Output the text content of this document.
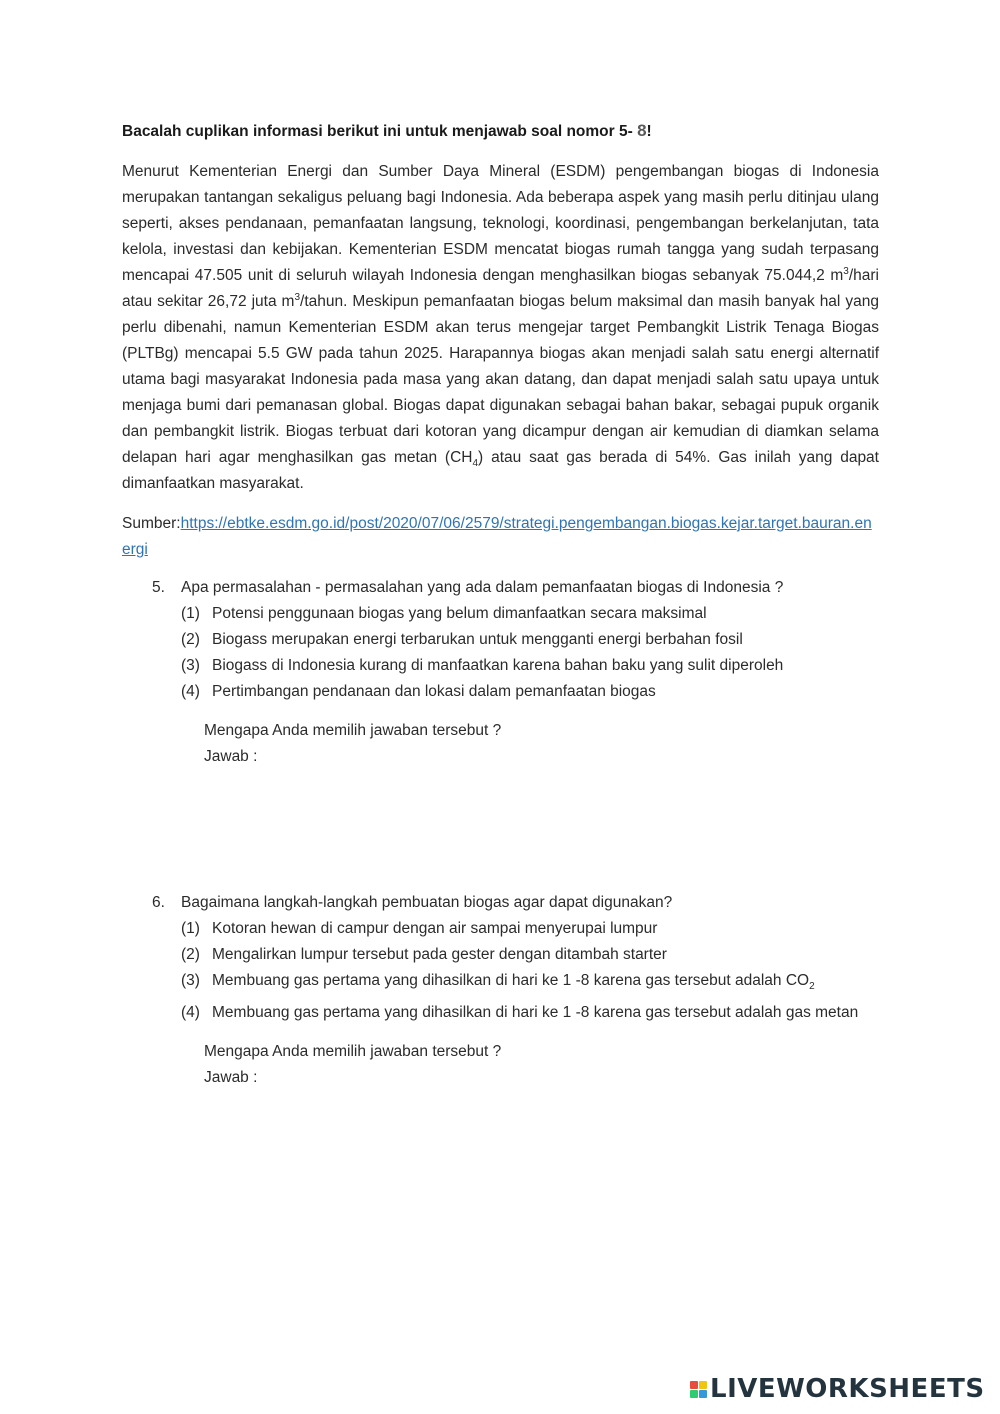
Bacalah cuplikan informasi berikut ini untuk menjawab soal nomor 5- 8!

Menurut Kementerian Energi dan Sumber Daya Mineral (ESDM) pengembangan biogas di Indonesia merupakan tantangan sekaligus peluang bagi Indonesia. Ada beberapa aspek yang masih perlu ditinjau ulang seperti, akses pendanaan, pemanfaatan langsung, teknologi, koordinasi, pengembangan berkelanjutan, tata kelola, investasi dan kebijakan. Kementerian ESDM mencatat biogas rumah tangga yang sudah terpasang mencapai 47.505 unit di seluruh wilayah Indonesia dengan menghasilkan biogas sebanyak 75.044,2 $m^3$/hari atau sekitar 26,72 juta $m^3$/tahun. Meskipun pemanfaatan biogas belum maksimal dan masih banyak hal yang perlu dibenahi, namun Kementerian ESDM akan terus mengejar target Pembangkit Listrik Tenaga Biogas (PLTBg) mencapai 5.5 GW pada tahun 2025. Harapannya biogas akan menjadi salah satu energi alternatif utama bagi masyarakat Indonesia pada masa yang akan datang, dan dapat menjadi salah satu upaya untuk menjaga bumi dari pemanasan global. Biogas dapat digunakan sebagai bahan bakar, sebagai pupuk organik dan pembangkit listrik. Biogas terbuat dari kotoran yang dicampur dengan air kemudian di diamkan selama delapan hari agar menghasilkan gas metan $(CH_4)$ atau saat gas berada di 54%. Gas inilah yang dapat dimanfaatkan masyarakat.

Sumber:https://ebtke.esdm.go.id/post/2020/07/06/2579/strategi.pengembangan.biogas.kejar.target.bauran.energi

5.	Apa permasalahan - permasalahan yang ada dalam pemanfaatan biogas di Indonesia ?
(1) Potensi penggunaan biogas yang belum dimanfaatkan secara maksimal
(2) Biogass merupakan energi terbarukan untuk mengganti energi berbahan fosil
(3) Biogass di Indonesia kurang di manfaatkan karena bahan baku yang sulit diperoleh
(4) Pertimbangan pendanaan dan lokasi dalam pemanfaatan biogas
Mengapa Anda memilih jawaban tersebut ?
Jawab :
6.	Bagaimana langkah-langkah pembuatan biogas agar dapat digunakan?
(1) Kotoran hewan di campur dengan air sampai menyerupai lumpur
(2) Mengalirkan lumpur tersebut pada gester dengan ditambah starter
(3) Membuang gas pertama yang dihasilkan di hari ke 1 -8 karena gas tersebut adalah $CO_2$
(4) Membuang gas pertama yang dihasilkan di hari ke 1 -8 karena gas tersebut adalah gas metan
Mengapa Anda memilih jawaban tersebut ?
Jawab :
LIVEWORKSHEETS
